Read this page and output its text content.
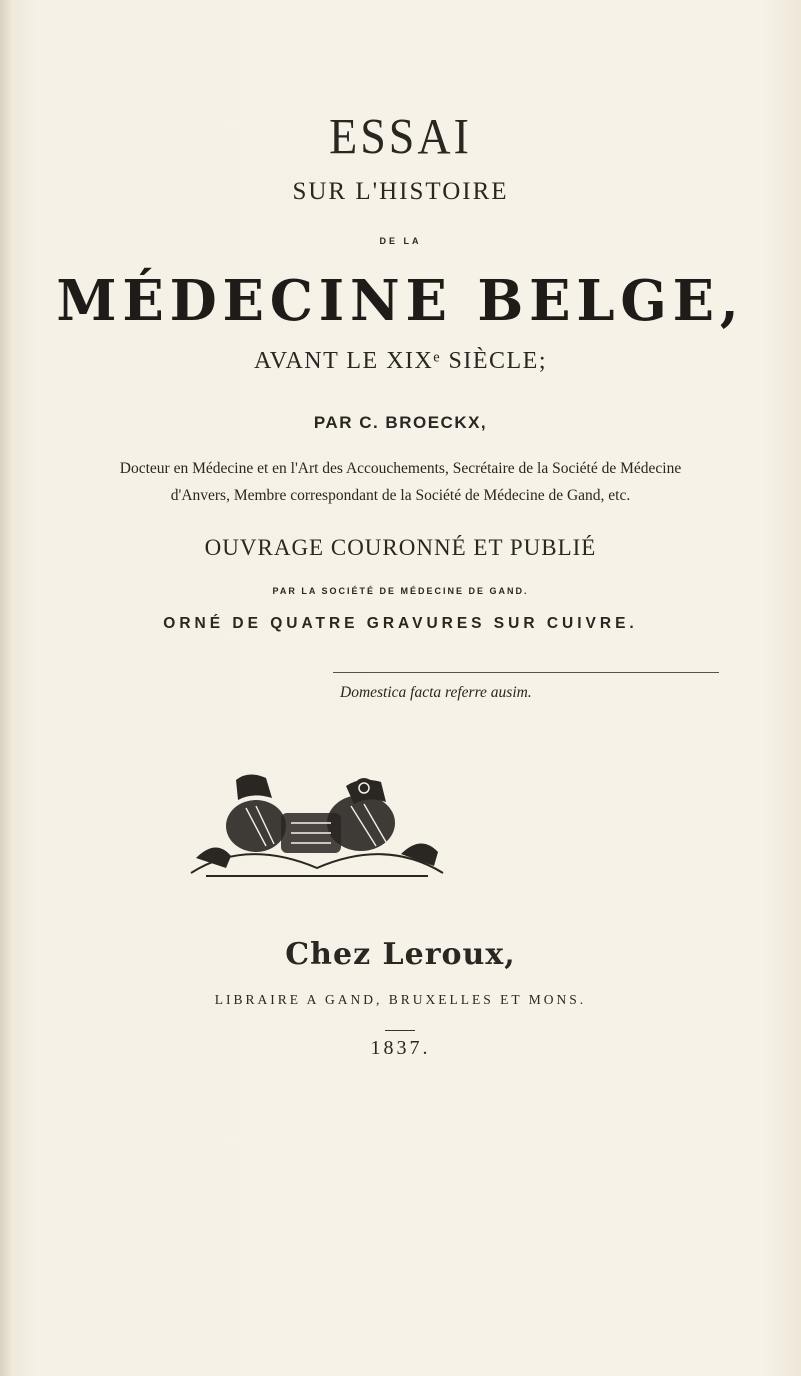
ESSAI
SUR L'HISTOIRE
DE LA
MÉDECINE BELGE,
AVANT LE XIXᵉ SIÈCLE;
PAR C. BROECKX,
Docteur en Médecine et en l'Art des Accouchements, Secrétaire de la Société de Médecine
d'Anvers, Membre correspondant de la Société de Médecine de Gand, etc.
OUVRAGE COURONNÉ ET PUBLIÉ
PAR LA SOCIÉTÉ DE MÉDECINE DE GAND.
ORNÉ DE QUATRE GRAVURES SUR CUIVRE.
Domestica facta referre ausim.
Chez Leroux,
LIBRAIRE A GAND, BRUXELLES ET MONS.
1837.
